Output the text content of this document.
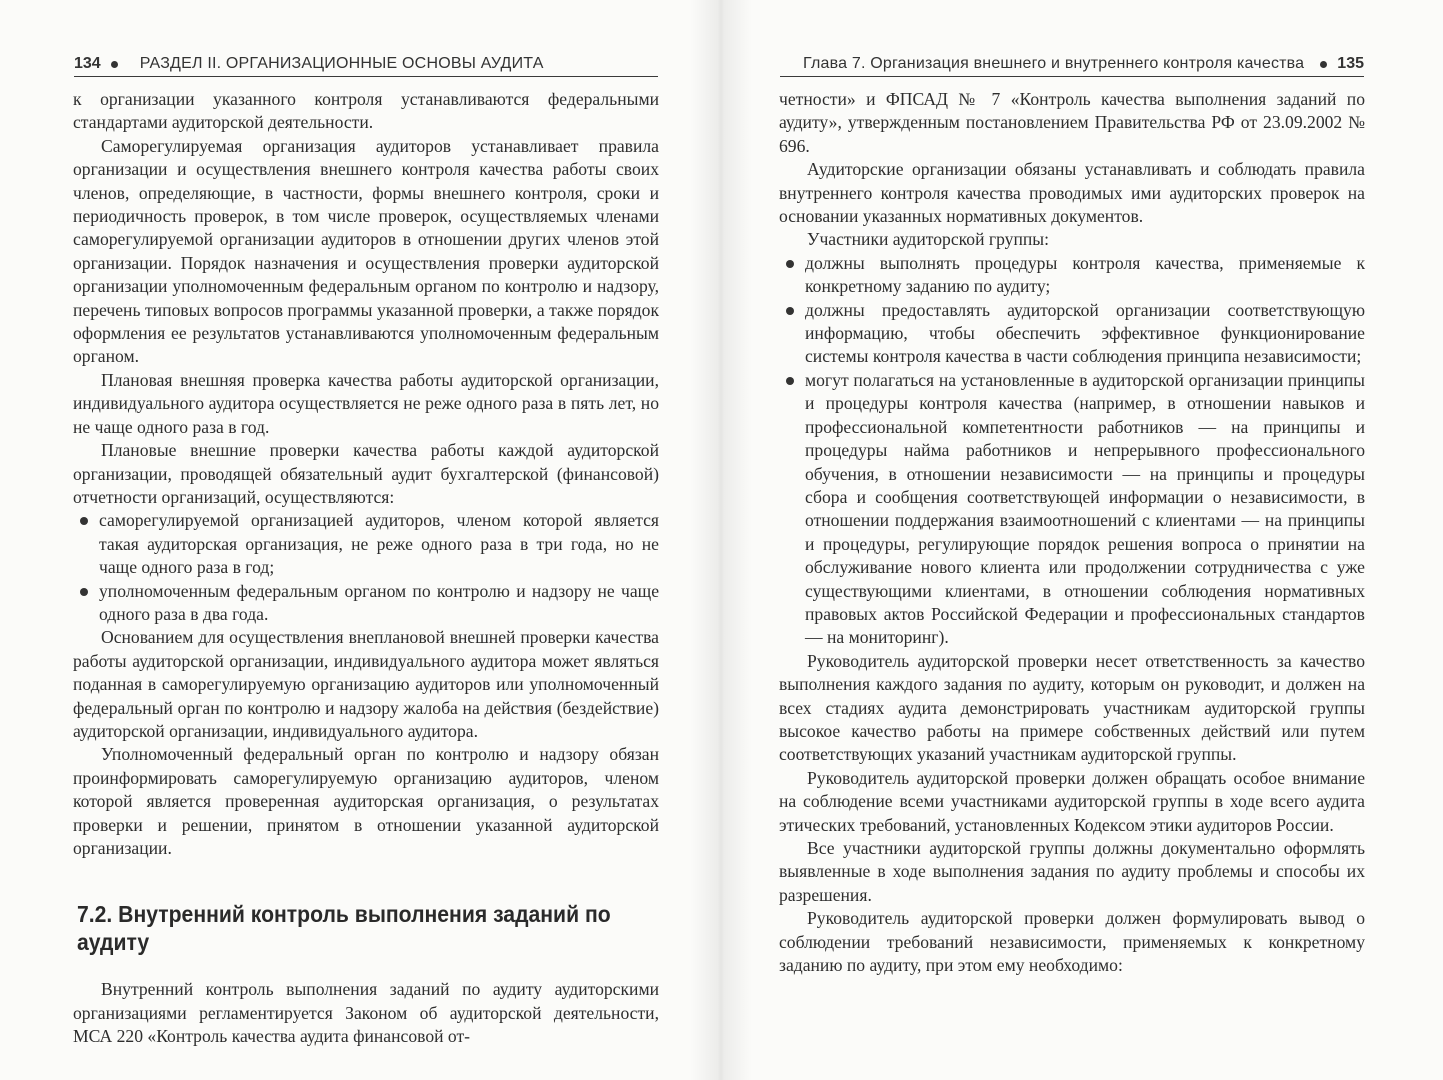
134 РАЗДЕЛ II. ОРГАНИЗАЦИОННЫЕ ОСНОВЫ АУДИТА

к организации указанного контроля устанавливаются федеральными стандартами аудиторской деятельности.

Саморегулируемая организация аудиторов устанавливает правила организации и осуществления внешнего контроля качества работы своих членов, определяющие, в частности, формы внешнего контроля, сроки и периодичность проверок, в том числе проверок, осуществляемых членами саморегулируемой организации аудиторов в отношении других членов этой организации. Порядок назначения и осуществления проверки аудиторской организации уполномоченным федеральным органом по контролю и надзору, перечень типовых вопросов программы указанной проверки, а также порядок оформления ее результатов устанавливаются уполномоченным федеральным органом.

Плановая внешняя проверка качества работы аудиторской организации, индивидуального аудитора осуществляется не реже одного раза в пять лет, но не чаще одного раза в год.

Плановые внешние проверки качества работы каждой аудиторской организации, проводящей обязательный аудит бухгалтерской (финансовой) отчетности организаций, осуществляются:

саморегулируемой организацией аудиторов, членом которой является такая аудиторская организация, не реже одного раза в три года, но не чаще одного раза в год;
уполномоченным федеральным органом по контролю и надзору не чаще одного раза в два года.

Основанием для осуществления внеплановой внешней проверки качества работы аудиторской организации, индивидуального аудитора может являться поданная в саморегулируемую организацию аудиторов или уполномоченный федеральный орган по контролю и надзору жалоба на действия (бездействие) аудиторской организации, индивидуального аудитора.

Уполномоченный федеральный орган по контролю и надзору обязан проинформировать саморегулируемую организацию аудиторов, членом которой является проверенная аудиторская организация, о результатах проверки и решении, принятом в отношении указанной аудиторской организации.

7.2. Внутренний контроль выполнения заданий по аудиту

Внутренний контроль выполнения заданий по аудиту аудиторскими организациями регламентируется Законом об аудиторской деятельности, МСА 220 «Контроль качества аудита финансовой от-

Глава 7. Организация внешнего и внутреннего контроля качества 135

четности» и ФПСАД № 7 «Контроль качества выполнения заданий по аудиту», утвержденным постановлением Правительства РФ от 23.09.2002 № 696.

Аудиторские организации обязаны устанавливать и соблюдать правила внутреннего контроля качества проводимых ими аудиторских проверок на основании указанных нормативных документов.

Участники аудиторской группы:

должны выполнять процедуры контроля качества, применяемые к конкретному заданию по аудиту;
должны предоставлять аудиторской организации соответствующую информацию, чтобы обеспечить эффективное функционирование системы контроля качества в части соблюдения принципа независимости;
могут полагаться на установленные в аудиторской организации принципы и процедуры контроля качества (например, в отношении навыков и профессиональной компетентности работников — на принципы и процедуры найма работников и непрерывного профессионального обучения, в отношении независимости — на принципы и процедуры сбора и сообщения соответствующей информации о независимости, в отношении поддержания взаимоотношений с клиентами — на принципы и процедуры, регулирующие порядок решения вопроса о принятии на обслуживание нового клиента или продолжении сотрудничества с уже существующими клиентами, в отношении соблюдения нормативных правовых актов Российской Федерации и профессиональных стандартов — на мониторинг).

Руководитель аудиторской проверки несет ответственность за качество выполнения каждого задания по аудиту, которым он руководит, и должен на всех стадиях аудита демонстрировать участникам аудиторской группы высокое качество работы на примере собственных действий или путем соответствующих указаний участникам аудиторской группы.

Руководитель аудиторской проверки должен обращать особое внимание на соблюдение всеми участниками аудиторской группы в ходе всего аудита этических требований, установленных Кодексом этики аудиторов России.

Все участники аудиторской группы должны документально оформлять выявленные в ходе выполнения задания по аудиту проблемы и способы их разрешения.

Руководитель аудиторской проверки должен формулировать вывод о соблюдении требований независимости, применяемых к конкретному заданию по аудиту, при этом ему необходимо:
